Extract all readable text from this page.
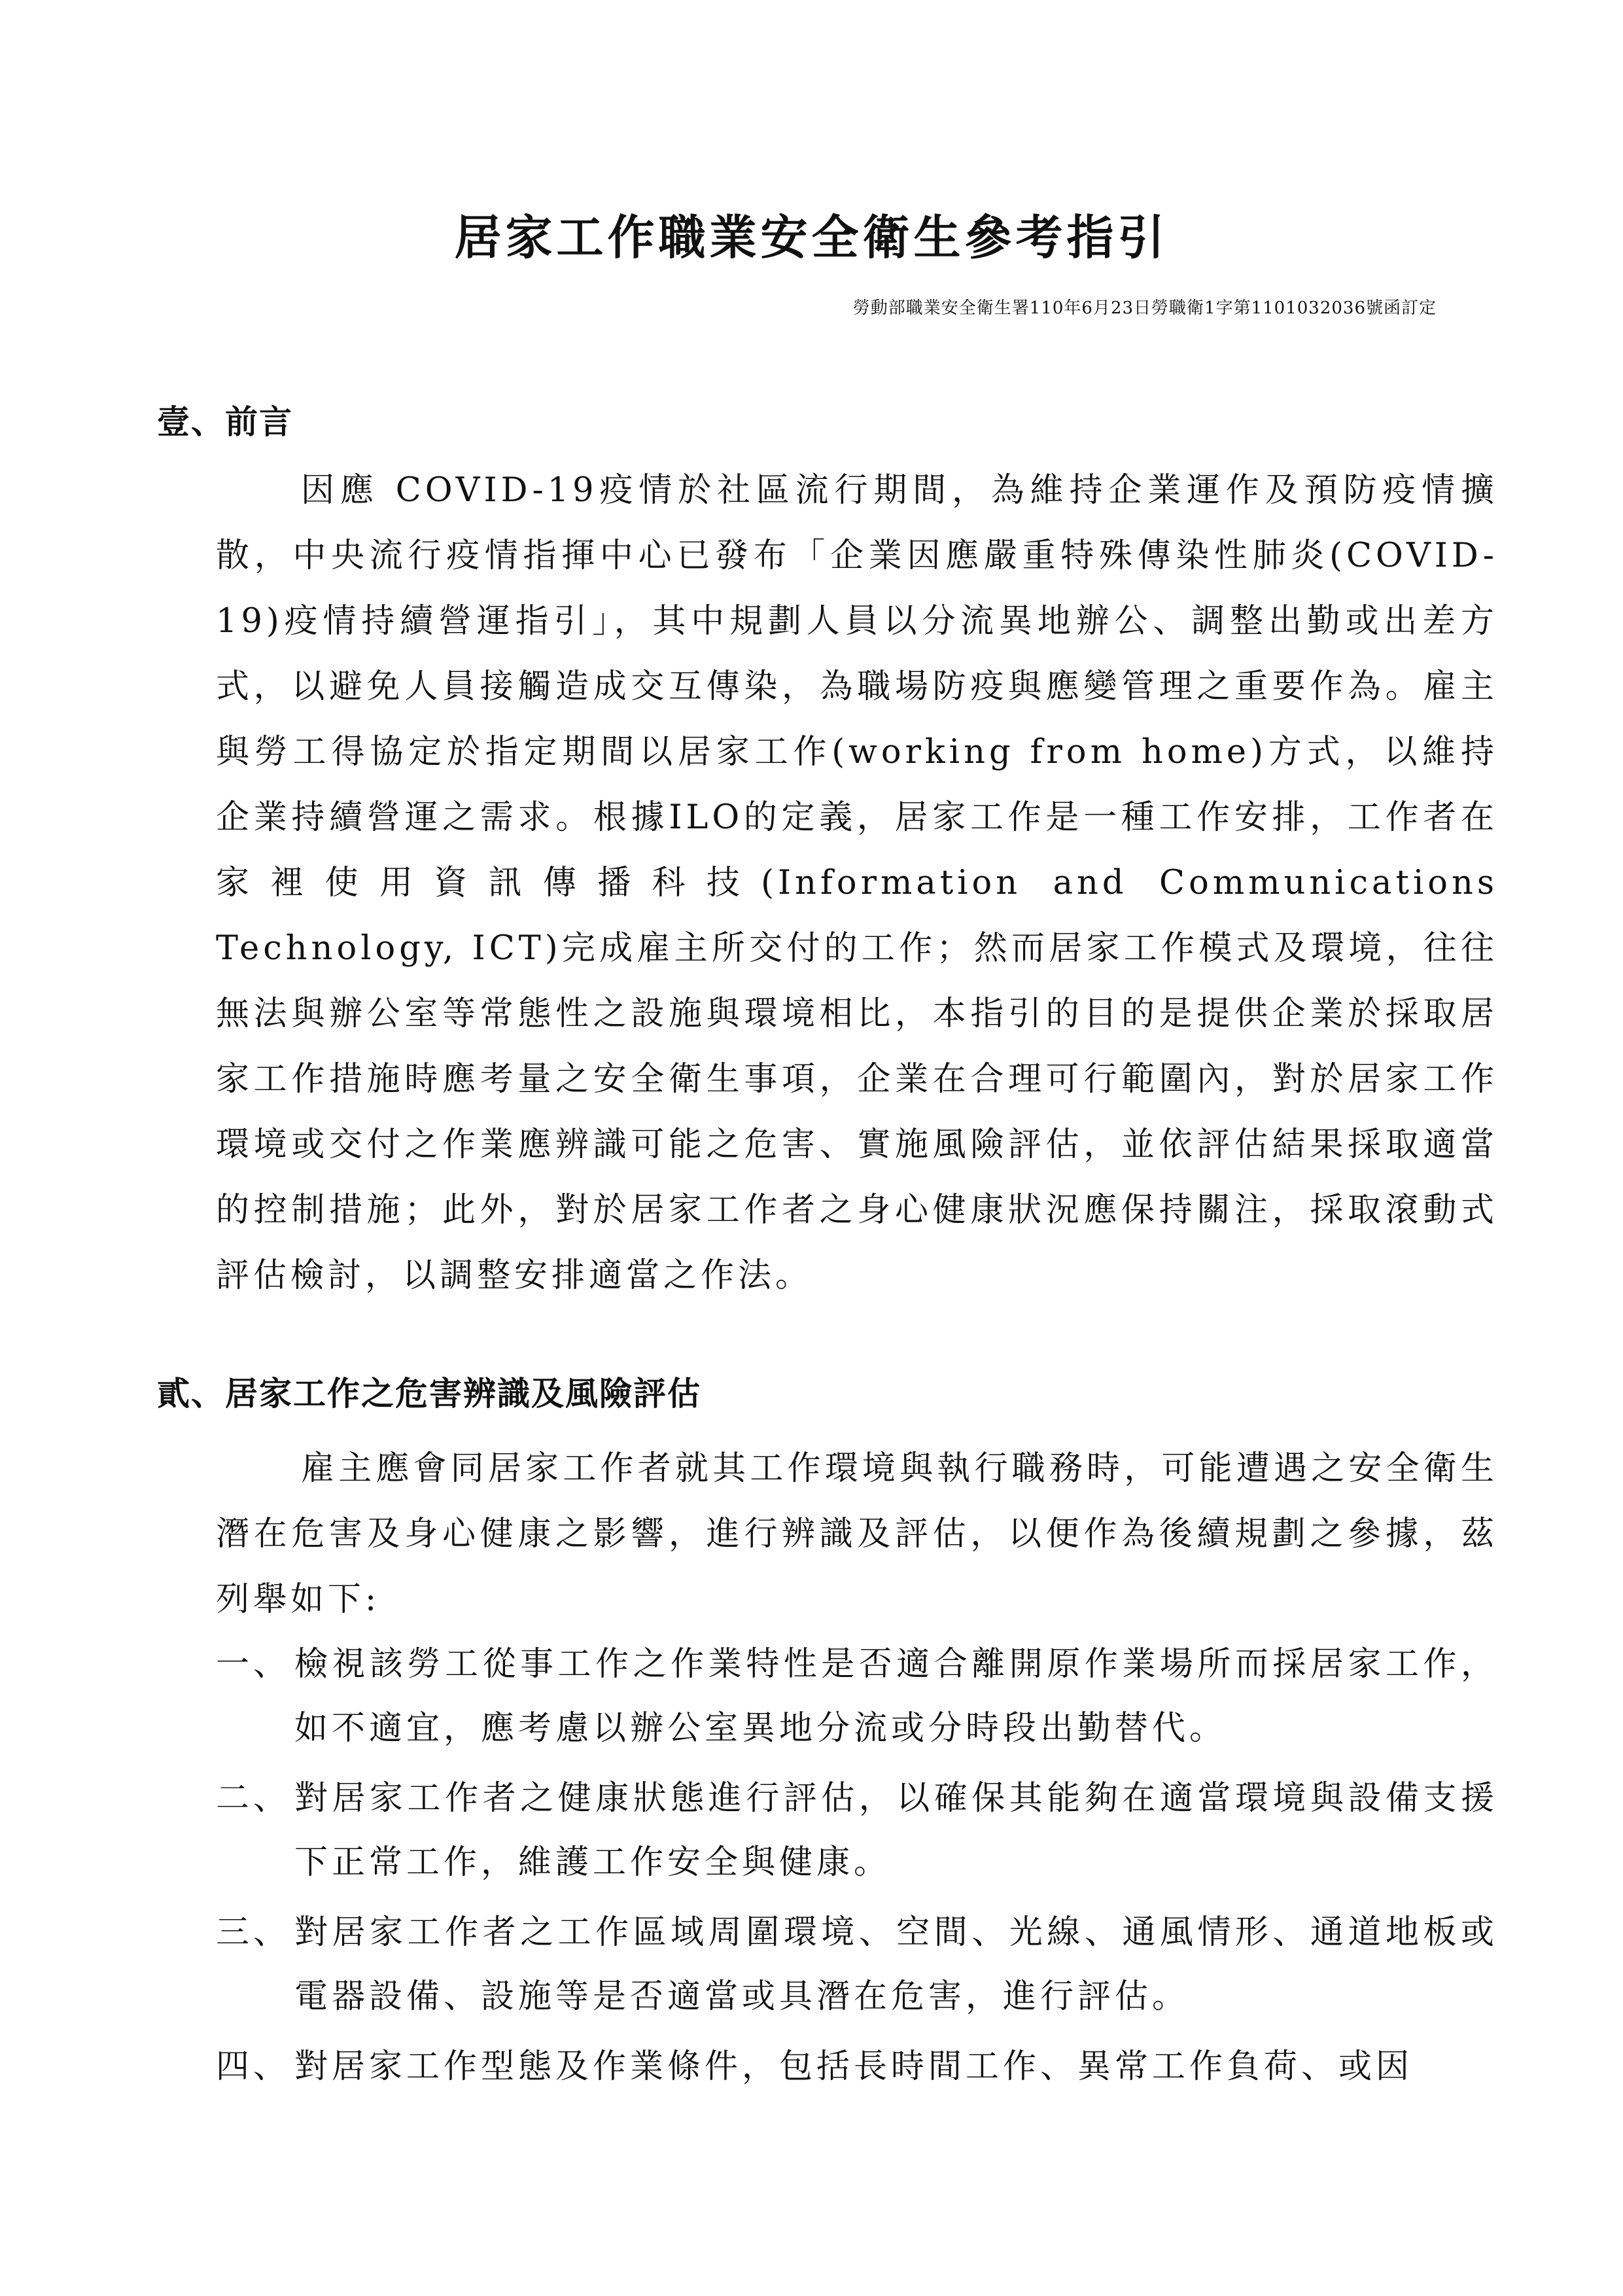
居家工作職業安全衛生參考指引
勞動部職業安全衛生署110年6月23日勞職衛1字第1101032036號函訂定
壹、前言
因應 COVID-19疫情於社區流行期間，為維持企業運作及預防疫情擴散，中央流行疫情指揮中心已發布「企業因應嚴重特殊傳染性肺炎(COVID-19)疫情持續營運指引」，其中規劃人員以分流異地辦公、調整出勤或出差方式，以避免人員接觸造成交互傳染，為職場防疫與應變管理之重要作為。雇主與勞工得協定於指定期間以居家工作(working from home)方式，以維持企業持續營運之需求。根據ILO的定義，居家工作是一種工作安排，工作者在家裡使用資訊傳播科技(Information and Communications Technology, ICT)完成雇主所交付的工作；然而居家工作模式及環境，往往無法與辦公室等常態性之設施與環境相比，本指引的目的是提供企業於採取居家工作措施時應考量之安全衛生事項，企業在合理可行範圍內，對於居家工作環境或交付之作業應辨識可能之危害、實施風險評估，並依評估結果採取適當的控制措施；此外，對於居家工作者之身心健康狀況應保持關注，採取滾動式評估檢討，以調整安排適當之作法。
貳、居家工作之危害辨識及風險評估
雇主應會同居家工作者就其工作環境與執行職務時，可能遭遇之安全衛生潛在危害及身心健康之影響，進行辨識及評估，以便作為後續規劃之參據，茲列舉如下:
一、 檢視該勞工從事工作之作業特性是否適合離開原作業場所而採居家工作，如不適宜，應考慮以辦公室異地分流或分時段出勤替代。
二、 對居家工作者之健康狀態進行評估，以確保其能夠在適當環境與設備支援下正常工作，維護工作安全與健康。
三、 對居家工作者之工作區域周圍環境、空間、光線、通風情形、通道地板或電器設備、設施等是否適當或具潛在危害，進行評估。
四、 對居家工作型態及作業條件，包括長時間工作、異常工作負荷、或因
